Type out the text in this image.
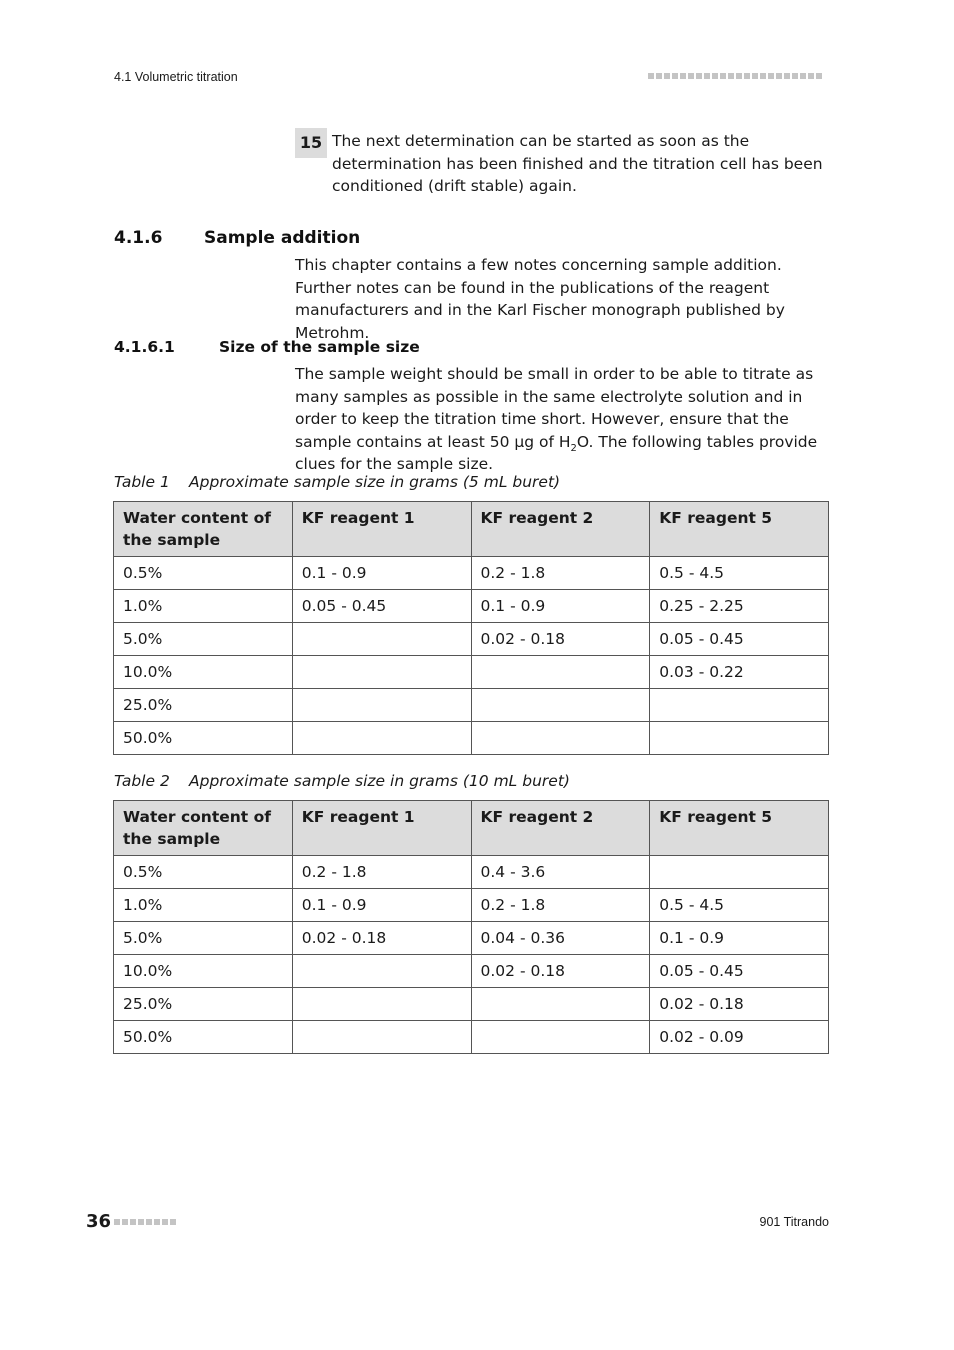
4.1 Volumetric titration
15 The next determination can be started as soon as the determination has been finished and the titration cell has been conditioned (drift stable) again.
4.1.6 Sample addition
This chapter contains a few notes concerning sample addition. Further notes can be found in the publications of the reagent manufacturers and in the Karl Fischer monograph published by Metrohm.
4.1.6.1	Size of the sample size
The sample weight should be small in order to be able to titrate as many samples as possible in the same electrolyte solution and in order to keep the titration time short. However, ensure that the sample contains at least 50 µg of $H_2O$. The following tables provide clues for the sample size.
Table 1 Approximate sample size in grams (5 mL buret)
Water content of the sample	KF reagent 1	KF reagent 2	KF reagent 5
0.5%	0.1 - 0.9	0.2 - 1.8	0.5 - 4.5
1.0%	0.05 - 0.45	0.1 - 0.9	0.25 - 2.25
5.0%		0.02 - 0.18	0.05 - 0.45
10.0%			0.03 - 0.22
25.0%			
50.0%			
Table 2 Approximate sample size in grams (10 mL buret)
Water content of the sample	KF reagent 1	KF reagent 2	KF reagent 5
0.5%	0.2 - 1.8	0.4 - 3.6	
1.0%	0.1 - 0.9	0.2 - 1.8	0.5 - 4.5
5.0%	0.02 - 0.18	0.04 - 0.36	0.1 - 0.9
10.0%		0.02 - 0.18	0.05 - 0.45
25.0%			0.02 - 0.18
50.0%			0.02 - 0.09
36	901 Titrando
